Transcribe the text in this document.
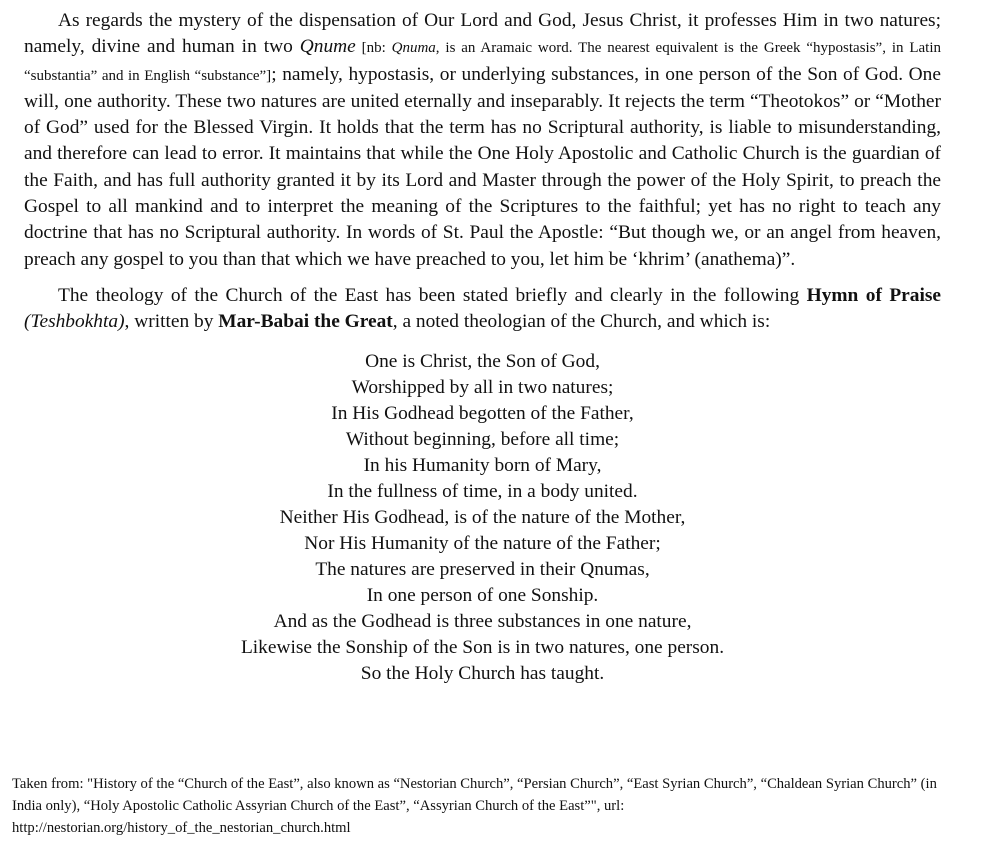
As regards the mystery of the dispensation of Our Lord and God, Jesus Christ, it professes Him in two natures; namely, divine and human in two Qnume [nb: Qnuma, is an Aramaic word. The nearest equivalent is the Greek “hypostasis”, in Latin “substantia” and in English “substance”]; namely, hypostasis, or underlying substances, in one person of the Son of God. One will, one authority. These two natures are united eternally and inseparably. It rejects the term “Theotokos” or “Mother of God” used for the Blessed Virgin. It holds that the term has no Scriptural authority, is liable to misunderstanding, and therefore can lead to error. It maintains that while the One Holy Apostolic and Catholic Church is the guardian of the Faith, and has full authority granted it by its Lord and Master through the power of the Holy Spirit, to preach the Gospel to all mankind and to interpret the meaning of the Scriptures to the faithful; yet has no right to teach any doctrine that has no Scriptural authority. In words of St. Paul the Apostle: “But though we, or an angel from heaven, preach any gospel to you than that which we have preached to you, let him be ‘khrim’ (anathema)”.

The theology of the Church of the East has been stated briefly and clearly in the following Hymn of Praise (Teshbokhta), written by Mar-Babai the Great, a noted theologian of the Church, and which is:

One is Christ, the Son of God,
Worshipped by all in two natures;
In His Godhead begotten of the Father,
Without beginning, before all time;
In his Humanity born of Mary,
In the fullness of time, in a body united.
Neither His Godhead, is of the nature of the Mother,
Nor His Humanity of the nature of the Father;
The natures are preserved in their Qnumas,
In one person of one Sonship.
And as the Godhead is three substances in one nature,
Likewise the Sonship of the Son is in two natures, one person.
So the Holy Church has taught.

Taken from: "History of the “Church of the East”, also known as “Nestorian Church”, “Persian Church”, “East Syrian Church”, “Chaldean Syrian Church” (in India only), “Holy Apostolic Catholic Assyrian Church of the East”, “Assyrian Church of the East”", url: http://nestorian.org/history_of_the_nestorian_church.html
